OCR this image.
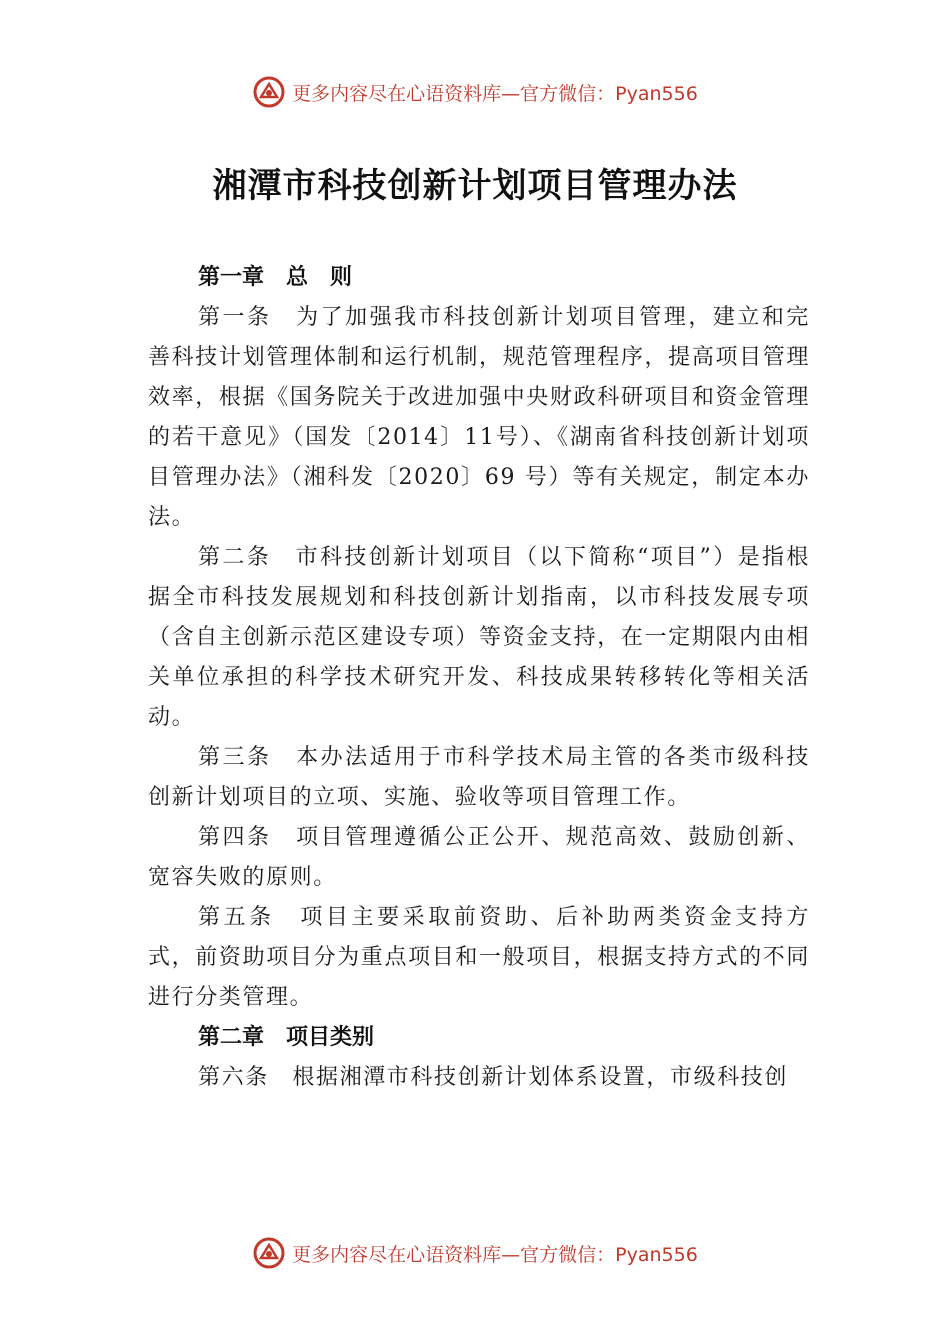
更多内容尽在心语资料库—官方微信：Pyan556
湘潭市科技创新计划项目管理办法

第一章　总　则

第一条　为了加强我市科技创新计划项目管理，建立和完善科技计划管理体制和运行机制，规范管理程序，提高项目管理效率，根据《国务院关于改进加强中央财政科研项目和资金管理的若干意见》（国发〔2014〕11号）、《湖南省科技创新计划项目管理办法》（湘科发〔2020〕69 号）等有关规定，制定本办法。

第二条　市科技创新计划项目（以下简称“项目”）是指根据全市科技发展规划和科技创新计划指南，以市科技发展专项（含自主创新示范区建设专项）等资金支持，在一定期限内由相关单位承担的科学技术研究开发、科技成果转移转化等相关活动。

第三条　本办法适用于市科学技术局主管的各类市级科技创新计划项目的立项、实施、验收等项目管理工作。

第四条　项目管理遵循公正公开、规范高效、鼓励创新、宽容失败的原则。

第五条　项目主要采取前资助、后补助两类资金支持方式，前资助项目分为重点项目和一般项目，根据支持方式的不同进行分类管理。

第二章　项目类别

第六条　根据湘潭市科技创新计划体系设置，市级科技创

更多内容尽在心语资料库—官方微信：Pyan556
